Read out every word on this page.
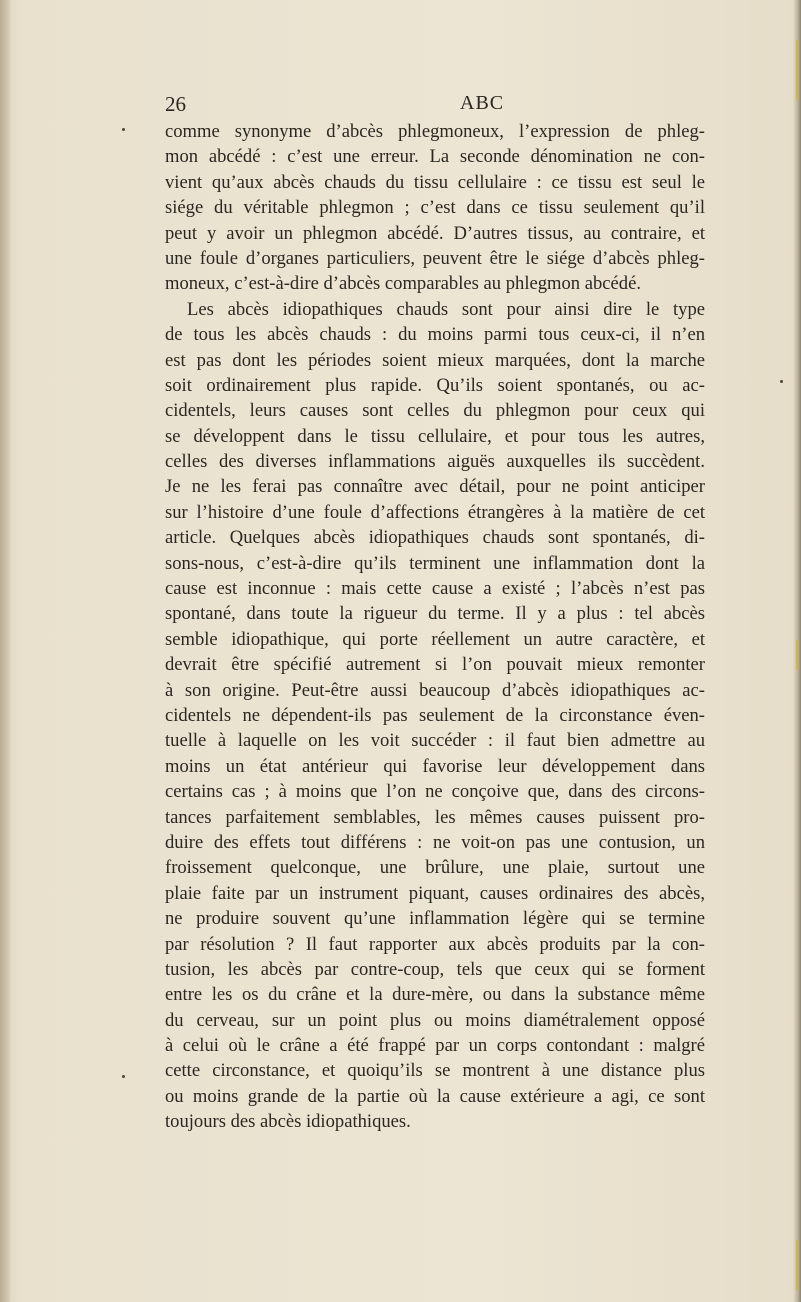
26	ABC
comme synonyme d’abcès phlegmoneux, l’expression de phleg-
mon abcédé : c’est une erreur. La seconde dénomination ne con-
vient qu’aux abcès chauds du tissu cellulaire : ce tissu est seul le
siége du véritable phlegmon ; c’est dans ce tissu seulement qu’il
peut y avoir un phlegmon abcédé. D’autres tissus, au contraire, et
une foule d’organes particuliers, peuvent être le siége d’abcès phleg-
moneux, c’est-à-dire d’abcès comparables au phlegmon abcédé.
Les abcès idiopathiques chauds sont pour ainsi dire le type
de tous les abcès chauds : du moins parmi tous ceux-ci, il n’en
est pas dont les périodes soient mieux marquées, dont la marche
soit ordinairement plus rapide. Qu’ils soient spontanés, ou ac-
cidentels, leurs causes sont celles du phlegmon pour ceux qui
se développent dans le tissu cellulaire, et pour tous les autres,
celles des diverses inflammations aiguës auxquelles ils succèdent.
Je ne les ferai pas connaître avec détail, pour ne point anticiper
sur l’histoire d’une foule d’affections étrangères à la matière de cet
article. Quelques abcès idiopathiques chauds sont spontanés, di-
sons-nous, c’est-à-dire qu’ils terminent une inflammation dont la
cause est inconnue : mais cette cause a existé ; l’abcès n’est pas
spontané, dans toute la rigueur du terme. Il y a plus : tel abcès
semble idiopathique, qui porte réellement un autre caractère, et
devrait être spécifié autrement si l’on pouvait mieux remonter
à son origine. Peut-être aussi beaucoup d’abcès idiopathiques ac-
cidentels ne dépendent-ils pas seulement de la circonstance éven-
tuelle à laquelle on les voit succéder : il faut bien admettre au
moins un état antérieur qui favorise leur développement dans
certains cas ; à moins que l’on ne conçoive que, dans des circons-
tances parfaitement semblables, les mêmes causes puissent pro-
duire des effets tout différens : ne voit-on pas une contusion, un
froissement quelconque, une brûlure, une plaie, surtout une
plaie faite par un instrument piquant, causes ordinaires des abcès,
ne produire souvent qu’une inflammation légère qui se termine
par résolution ? Il faut rapporter aux abcès produits par la con-
tusion, les abcès par contre-coup, tels que ceux qui se forment
entre les os du crâne et la dure-mère, ou dans la substance même
du cerveau, sur un point plus ou moins diamétralement opposé
à celui où le crâne a été frappé par un corps contondant : malgré
cette circonstance, et quoiqu’ils se montrent à une distance plus
ou moins grande de la partie où la cause extérieure a agi, ce sont
toujours des abcès idiopathiques.
